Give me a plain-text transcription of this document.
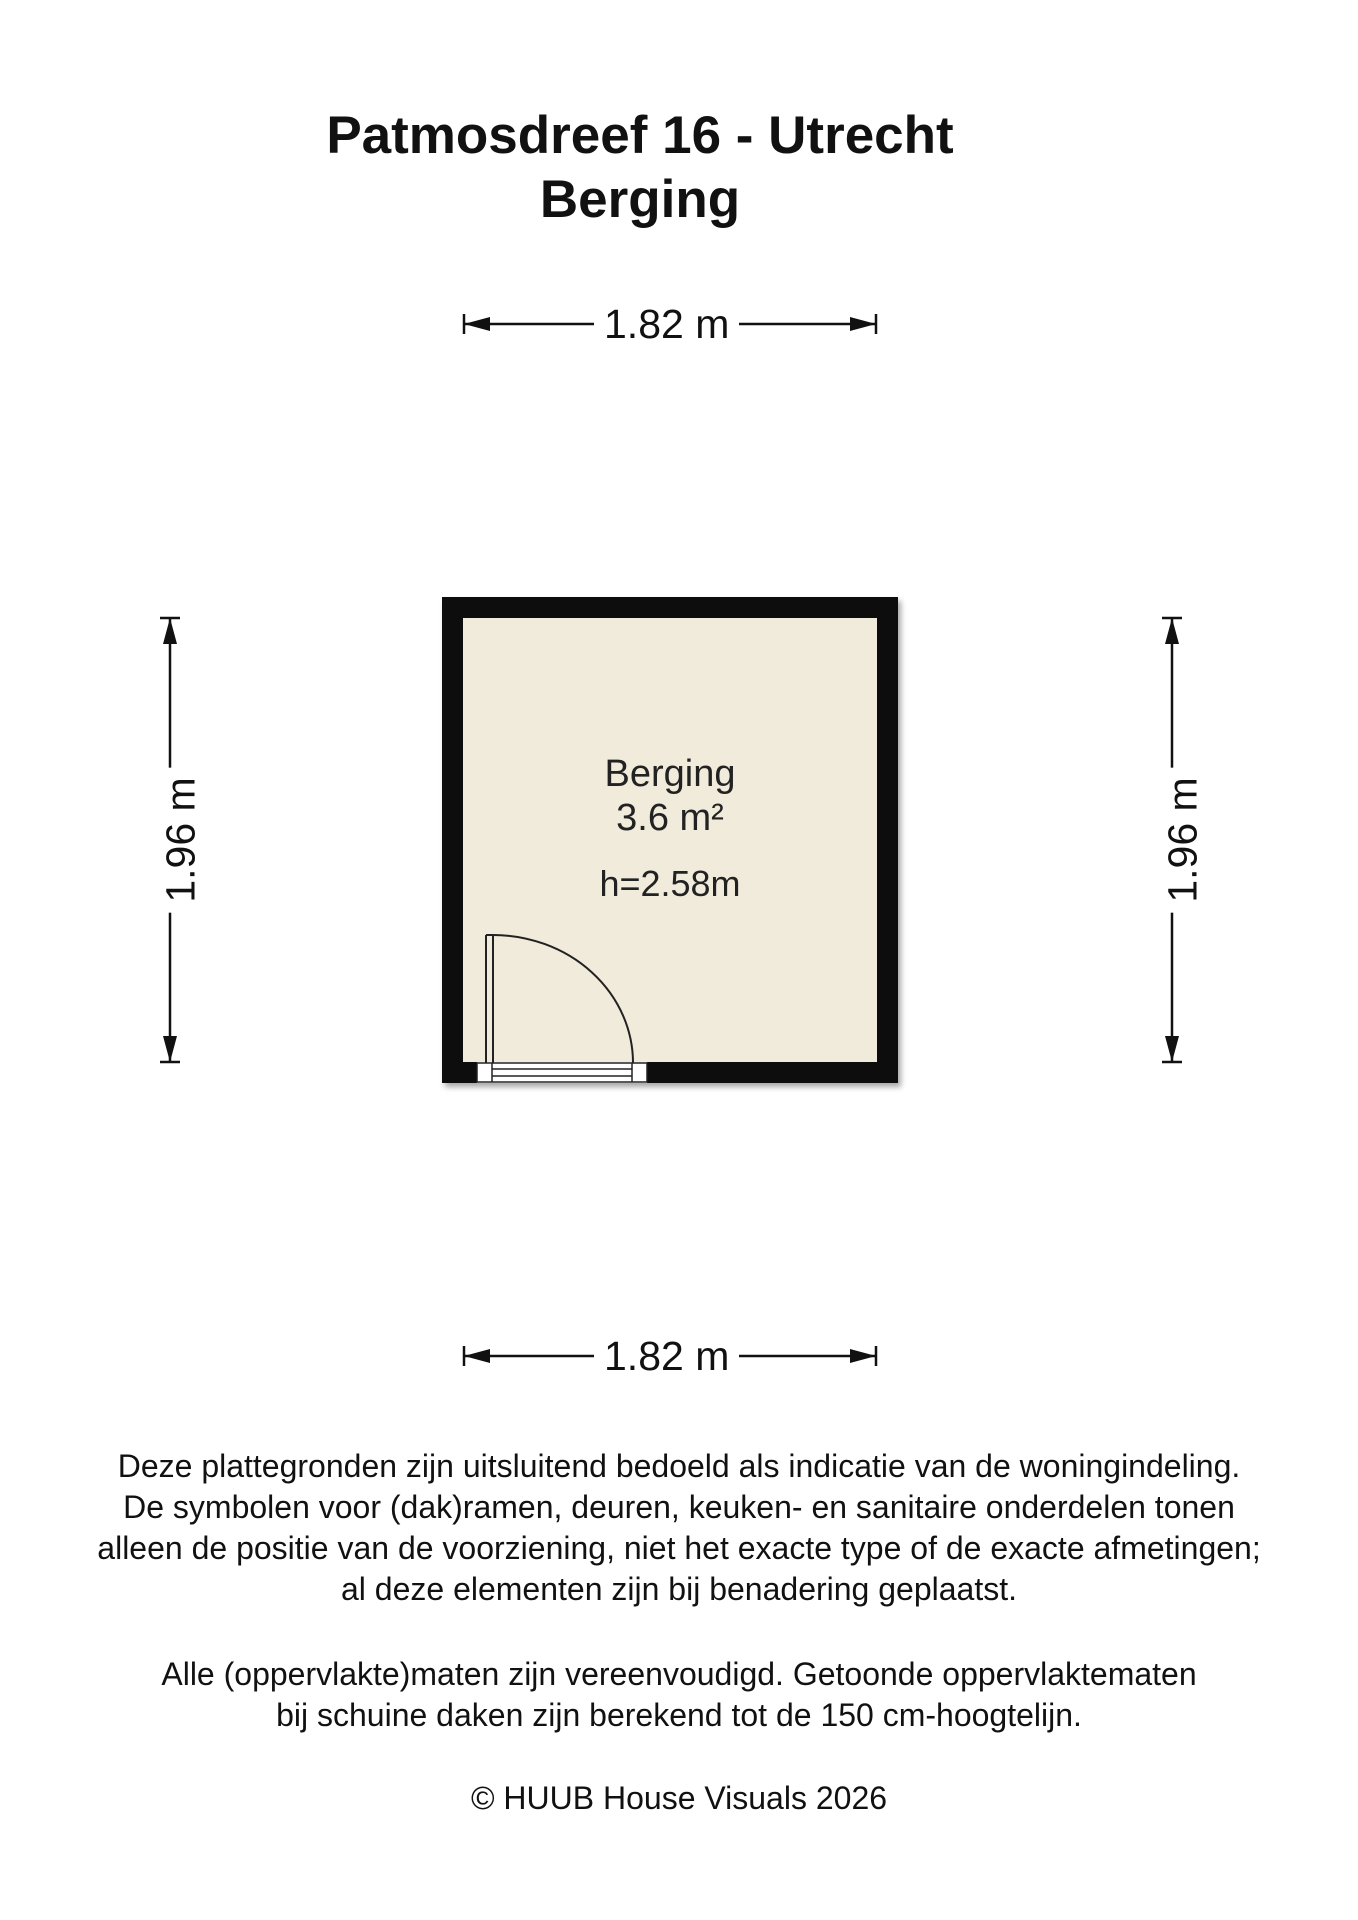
Patmosdreef 16 - Utrecht
Berging
1.82 m
1.82 m
1.96 m	1.96 m
Berging
3.6 m²
h=2.58m

Deze plattegronden zijn uitsluitend bedoeld als indicatie van de woningindeling.

De symbolen voor (dak)ramen, deuren, keuken- en sanitaire onderdelen tonen

alleen de positie van de voorziening, niet het exacte type of de exacte afmetingen;

al deze elementen zijn bij benadering geplaatst.

Alle (oppervlakte)maten zijn vereenvoudigd. Getoonde oppervlaktematen

bij schuine daken zijn berekend tot de 150 cm-hoogtelijn.

© HUUB House Visuals 2026
